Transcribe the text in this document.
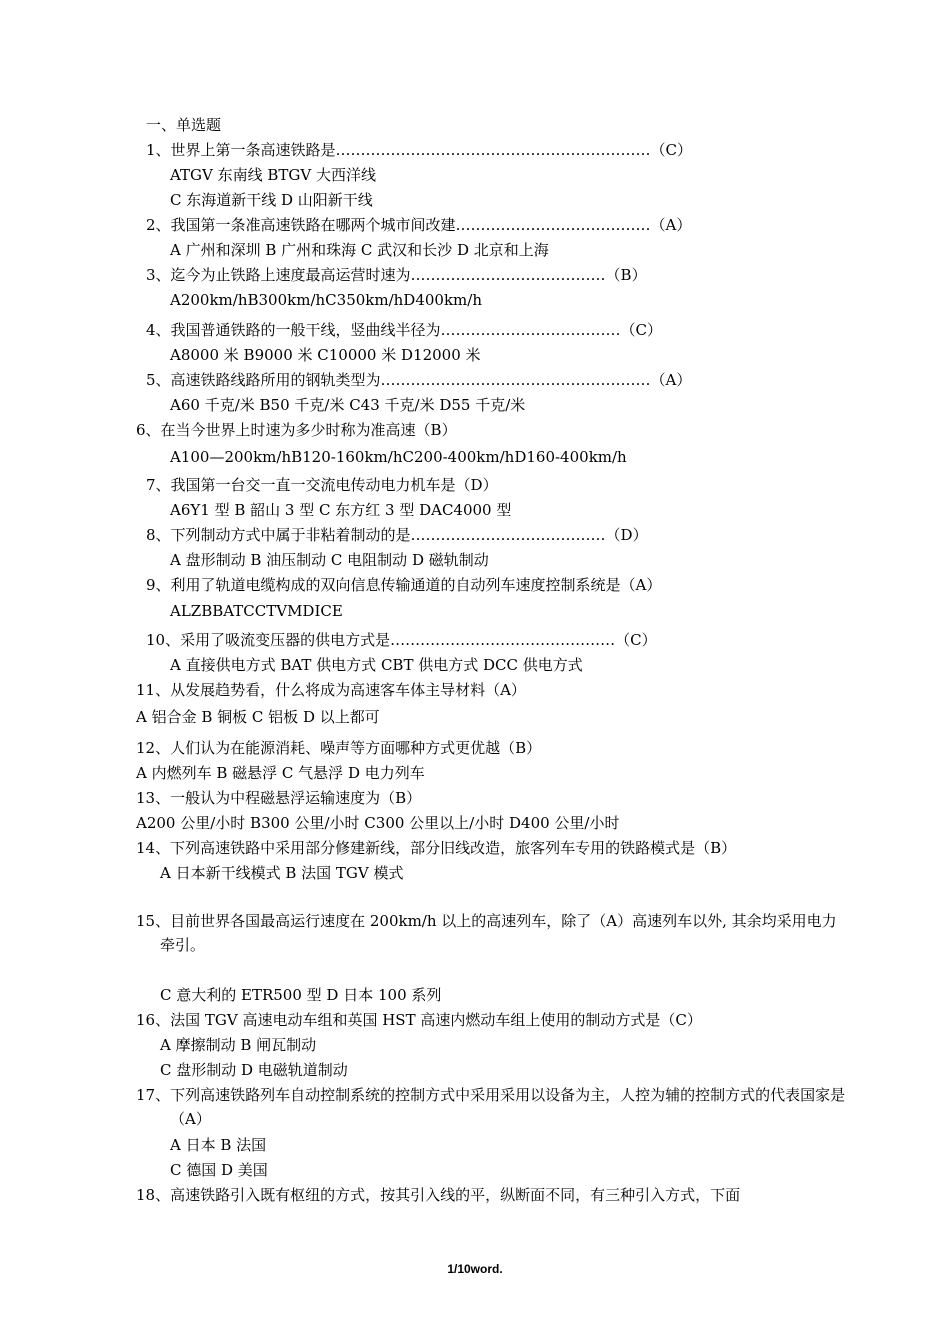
一、单选题
1、世界上第一条高速铁路是………………………………………………………（C）
ATGV 东南线 BTGV 大西洋线
C 东海道新干线 D 山阳新干线
2、我国第一条准高速铁路在哪两个城市间改建…………………………………（A）
A 广州和深圳 B 广州和珠海 C 武汉和长沙 D 北京和上海
3、迄今为止铁路上速度最高运营时速为…………………………………（B）
A200km/hB300km/hC350km/hD400km/h
4、我国普通铁路的一般干线，竖曲线半径为………………………………（C）
A8000 米 B9000 米 C10000 米 D12000 米
5、高速铁路线路所用的钢轨类型为………………………………………………（A）
A60 千克/米 B50 千克/米 C43 千克/米 D55 千克/米
6、在当今世界上时速为多少时称为准高速（B）
A100—200km/hB120-160km/hC200-400km/hD160-400km/h
7、我国第一台交一直一交流电传动电力机车是（D）
A6Y1 型 B 韶山 3 型 C 东方红 3 型 DAC4000 型
8、下列制动方式中属于非粘着制动的是…………………………………（D）
A 盘形制动 B 油压制动 C 电阻制动 D 磁轨制动
9、利用了轨道电缆构成的双向信息传输通道的自动列车速度控制系统是（A）
ALZBBATCCTVMDICE
10、采用了吸流变压器的供电方式是………………………………………（C）
A 直接供电方式 BAT 供电方式 CBT 供电方式 DCC 供电方式
11、从发展趋势看，什么将成为高速客车体主导材料（A）
A 铝合金 B 铜板 C 铝板 D 以上都可
12、人们认为在能源消耗、噪声等方面哪种方式更优越（B）
A 内燃列车 B 磁悬浮 C 气悬浮 D 电力列车
13、一般认为中程磁悬浮运输速度为（B）
A200 公里/小时 B300 公里/小时 C300 公里以上/小时 D400 公里/小时
14、下列高速铁路中采用部分修建新线，部分旧线改造，旅客列车专用的铁路模式是（B）
A 日本新干线模式 B 法国 TGV 模式
15、目前世界各国最高运行速度在 200km/h 以上的高速列车，除了（A）高速列车以外, 其余均采用电力牵引。
C 意大利的 ETR500 型 D 日本 100 系列
16、法国 TGV 高速电动车组和英国 HST 高速内燃动车组上使用的制动方式是（C）
A 摩擦制动 B 闸瓦制动
C 盘形制动 D 电磁轨道制动
17、下列高速铁路列车自动控制系统的控制方式中采用采用以设备为主，人控为辅的控制方式的代表国家是（A）
A 日本 B 法国
C 德国 D 美国
18、高速铁路引入既有枢纽的方式，按其引入线的平，纵断面不同，有三种引入方式，下面
1/10word.
